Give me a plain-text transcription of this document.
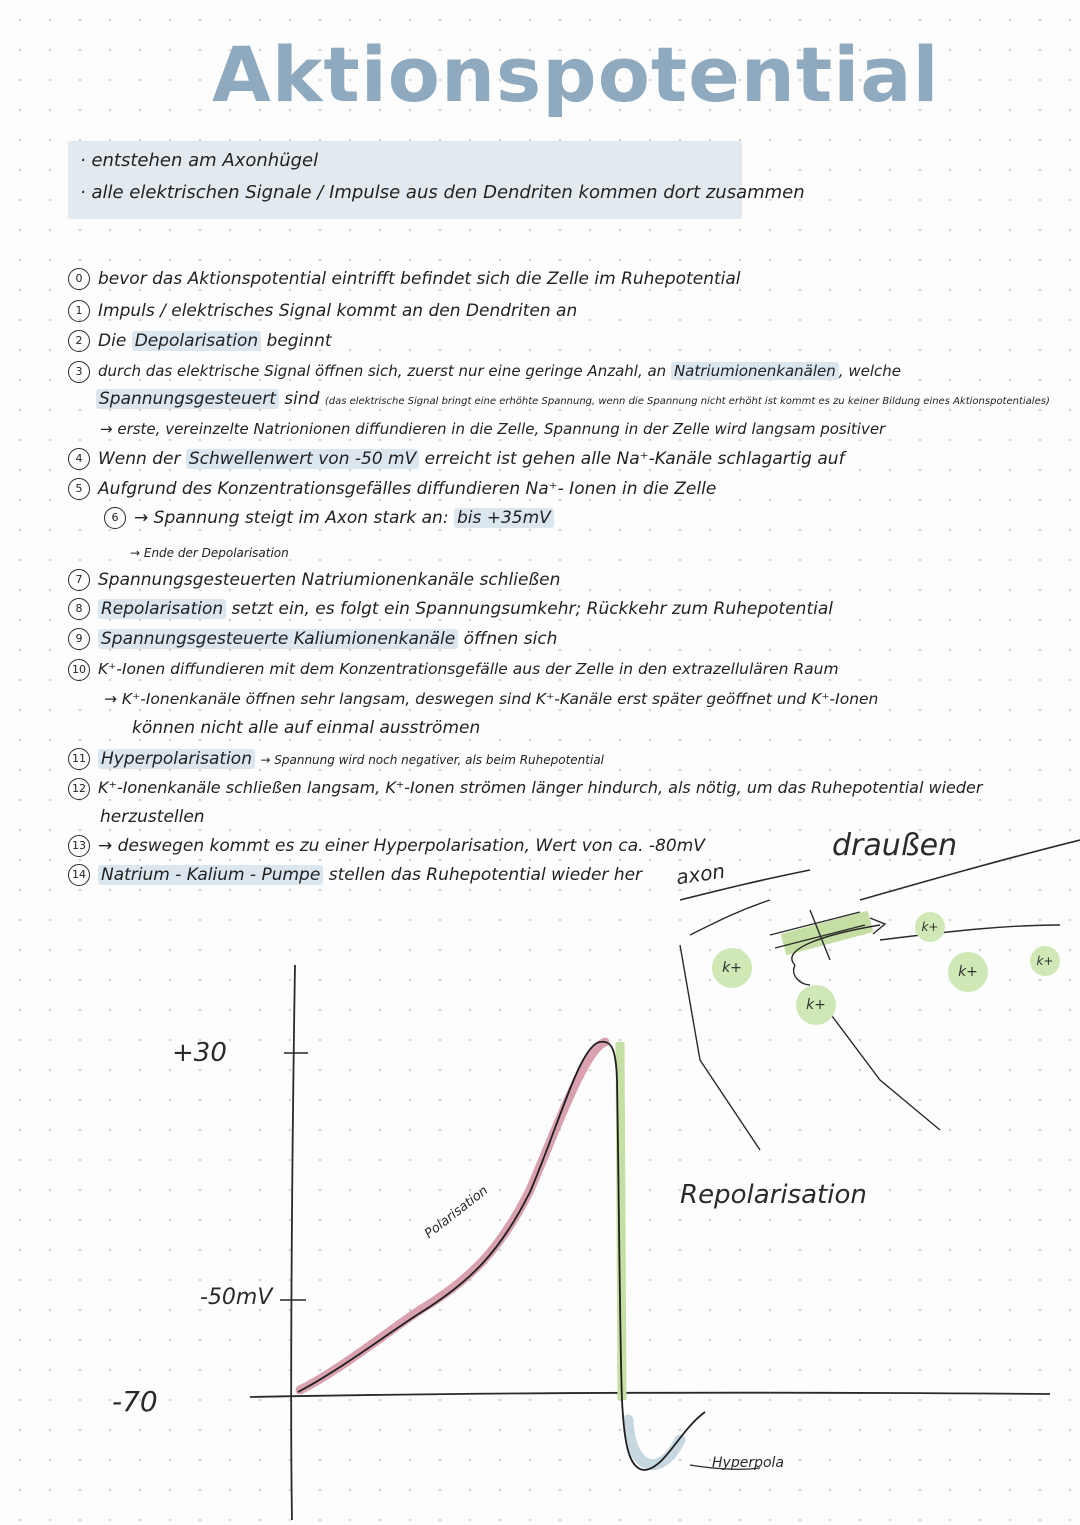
Aktionspotential
· entstehen am Axonhügel
· alle elektrischen Signale / Impulse aus den Dendriten kommen dort zusammen
0 bevor das Aktionspotential eintrifft befindet sich die Zelle im Ruhepotential
1 Impuls / elektrisches Signal kommt an den Dendriten an
2 Die Depolarisation beginnt
3 durch das elektrische Signal öffnen sich, zuerst nur eine geringe Anzahl, an Natriumionenkanälen , welche
Spannungsgesteuert sind (das elektrische Signal bringt eine erhöhte Spannung, wenn die Spannung nicht erhöht ist kommt es zu keiner Bildung eines Aktionspotentiales)
→ erste, vereinzelte Natrionionen diffundieren in die Zelle, Spannung in der Zelle wird langsam positiver
4 Wenn der Schwellenwert von -50 mV erreicht ist gehen alle Na⁺-Kanäle schlagartig auf
5 Aufgrund des Konzentrationsgefälles diffundieren Na⁺- Ionen in die Zelle
6 → Spannung steigt im Axon stark an: bis +35mV
→ Ende der Depolarisation
7 Spannungsgesteuerten Natriumionenkanäle schließen
8 Repolarisation setzt ein, es folgt ein Spannungsumkehr; Rückkehr zum Ruhepotential
9 Spannungsgesteuerte Kaliumionenkanäle öffnen sich
10 K⁺-Ionen diffundieren mit dem Konzentrationsgefälle aus der Zelle in den extrazellulären Raum
→ K⁺-Ionenkanäle öffnen sehr langsam, deswegen sind K⁺-Kanäle erst später geöffnet und K⁺-Ionen
können nicht alle auf einmal ausströmen
11 Hyperpolarisation → Spannung wird noch negativer, als beim Ruhepotential
12 K⁺-Ionenkanäle schließen langsam, K⁺-Ionen strömen länger hindurch, als nötig, um das Ruhepotential wieder
herzustellen
13 → deswegen kommt es zu einer Hyperpolarisation, Wert von ca. -80mV
14 Natrium - Kalium - Pumpe stellen das Ruhepotential wieder her
draußen
axon
k+
k+
k+
k+
k+
+30
-50mV
-70
Polarisation	Repolarisation
Hyperpola
